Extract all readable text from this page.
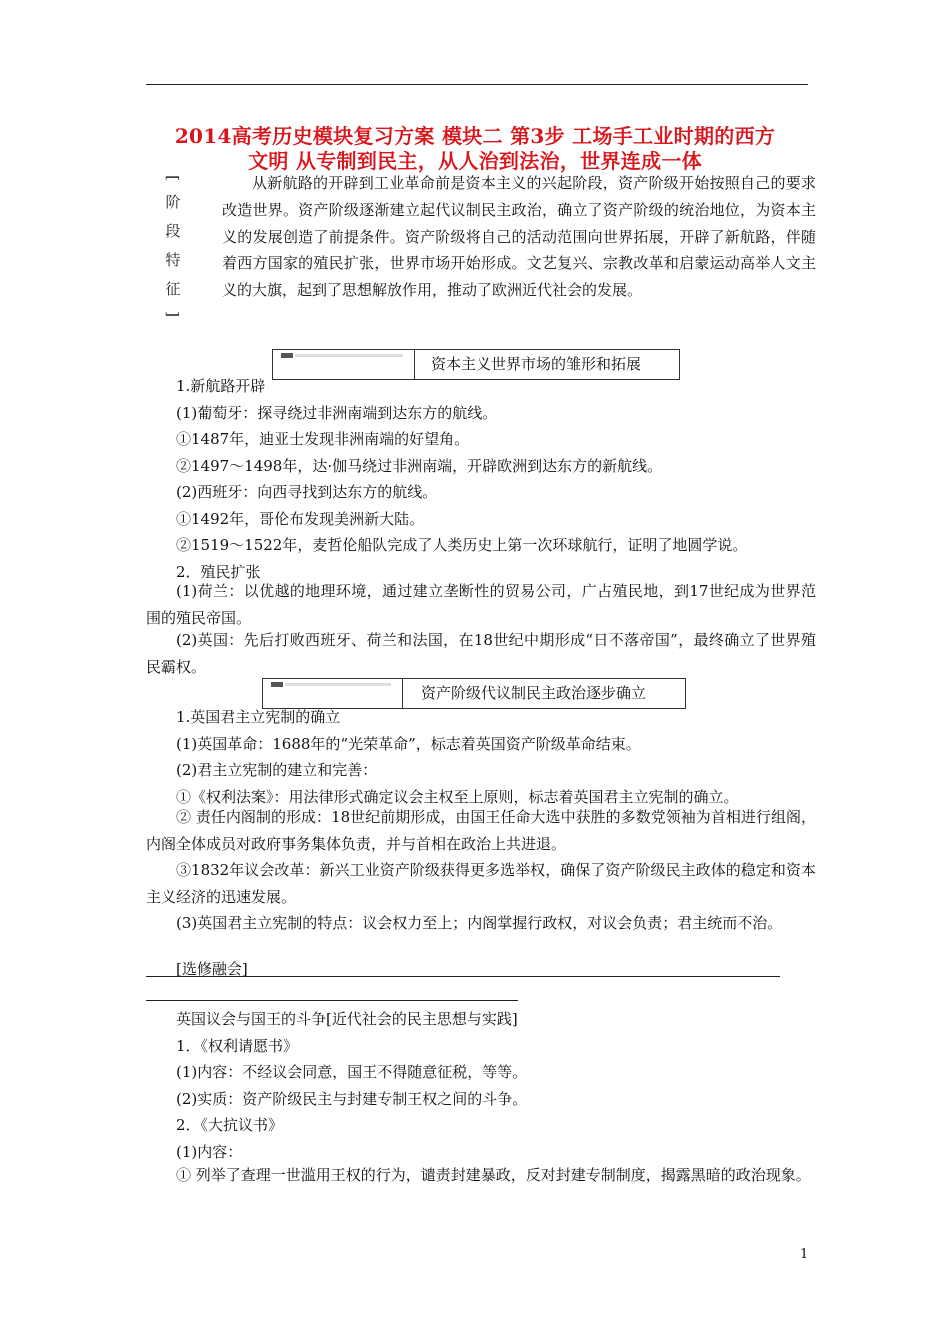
2014高考历史模块复习方案 模块二 第3步 工场手工业时期的西方
文明 从专制到民主，从人治到法治，世界连成一体
[
阶
段
特
征
]
从新航路的开辟到工业革命前是资本主义的兴起阶段，资产阶级开始按照自己的要求改造世界。资产阶级逐渐建立起代议制民主政治，确立了资产阶级的统治地位，为资本主义的发展创造了前提条件。资产阶级将自己的活动范围向世界拓展，开辟了新航路，伴随着西方国家的殖民扩张，世界市场开始形成。文艺复兴、宗教改革和启蒙运动高举人文主义的大旗，起到了思想解放作用，推动了欧洲近代社会的发展。
资本主义世界市场的雏形和拓展
1.新航路开辟
(1)葡萄牙：探寻绕过非洲南端到达东方的航线。
①1487年，迪亚士发现非洲南端的好望角。
②1497～1498年，达·伽马绕过非洲南端，开辟欧洲到达东方的新航线。
(2)西班牙：向西寻找到达东方的航线。
①1492年，哥伦布发现美洲新大陆。
②1519～1522年，麦哲伦船队完成了人类历史上第一次环球航行，证明了地圆学说。
2．殖民扩张
(1)荷兰：以优越的地理环境，通过建立垄断性的贸易公司，广占殖民地，到17世纪成为世界范围的殖民帝国。
(2)英国：先后打败西班牙、荷兰和法国，在18世纪中期形成“日不落帝国”，最终确立了世界殖民霸权。
资产阶级代议制民主政治逐步确立
1.英国君主立宪制的确立
(1)英国革命：1688年的“光荣革命”，标志着英国资产阶级革命结束。
(2)君主立宪制的建立和完善：
①《权利法案》：用法律形式确定议会主权至上原则，标志着英国君主立宪制的确立。
② 责任内阁制的形成：18世纪前期形成，由国王任命大选中获胜的多数党领袖为首相进行组阁，内阁全体成员对政府事务集体负责，并与首相在政治上共进退。
③1832年议会改革：新兴工业资产阶级获得更多选举权，确保了资产阶级民主政体的稳定和资本主义经济的迅速发展。
(3)英国君主立宪制的特点：议会权力至上；内阁掌握行政权，对议会负责；君主统而不治。
[选修融会]
英国议会与国王的斗争[近代社会的民主思想与实践]
1．《权利请愿书》
(1)内容：不经议会同意，国王不得随意征税，等等。
(2)实质：资产阶级民主与封建专制王权之间的斗争。
2．《大抗议书》
(1)内容：
① 列举了查理一世滥用王权的行为，谴责封建暴政，反对封建专制制度，揭露黑暗的政治现象。
1
